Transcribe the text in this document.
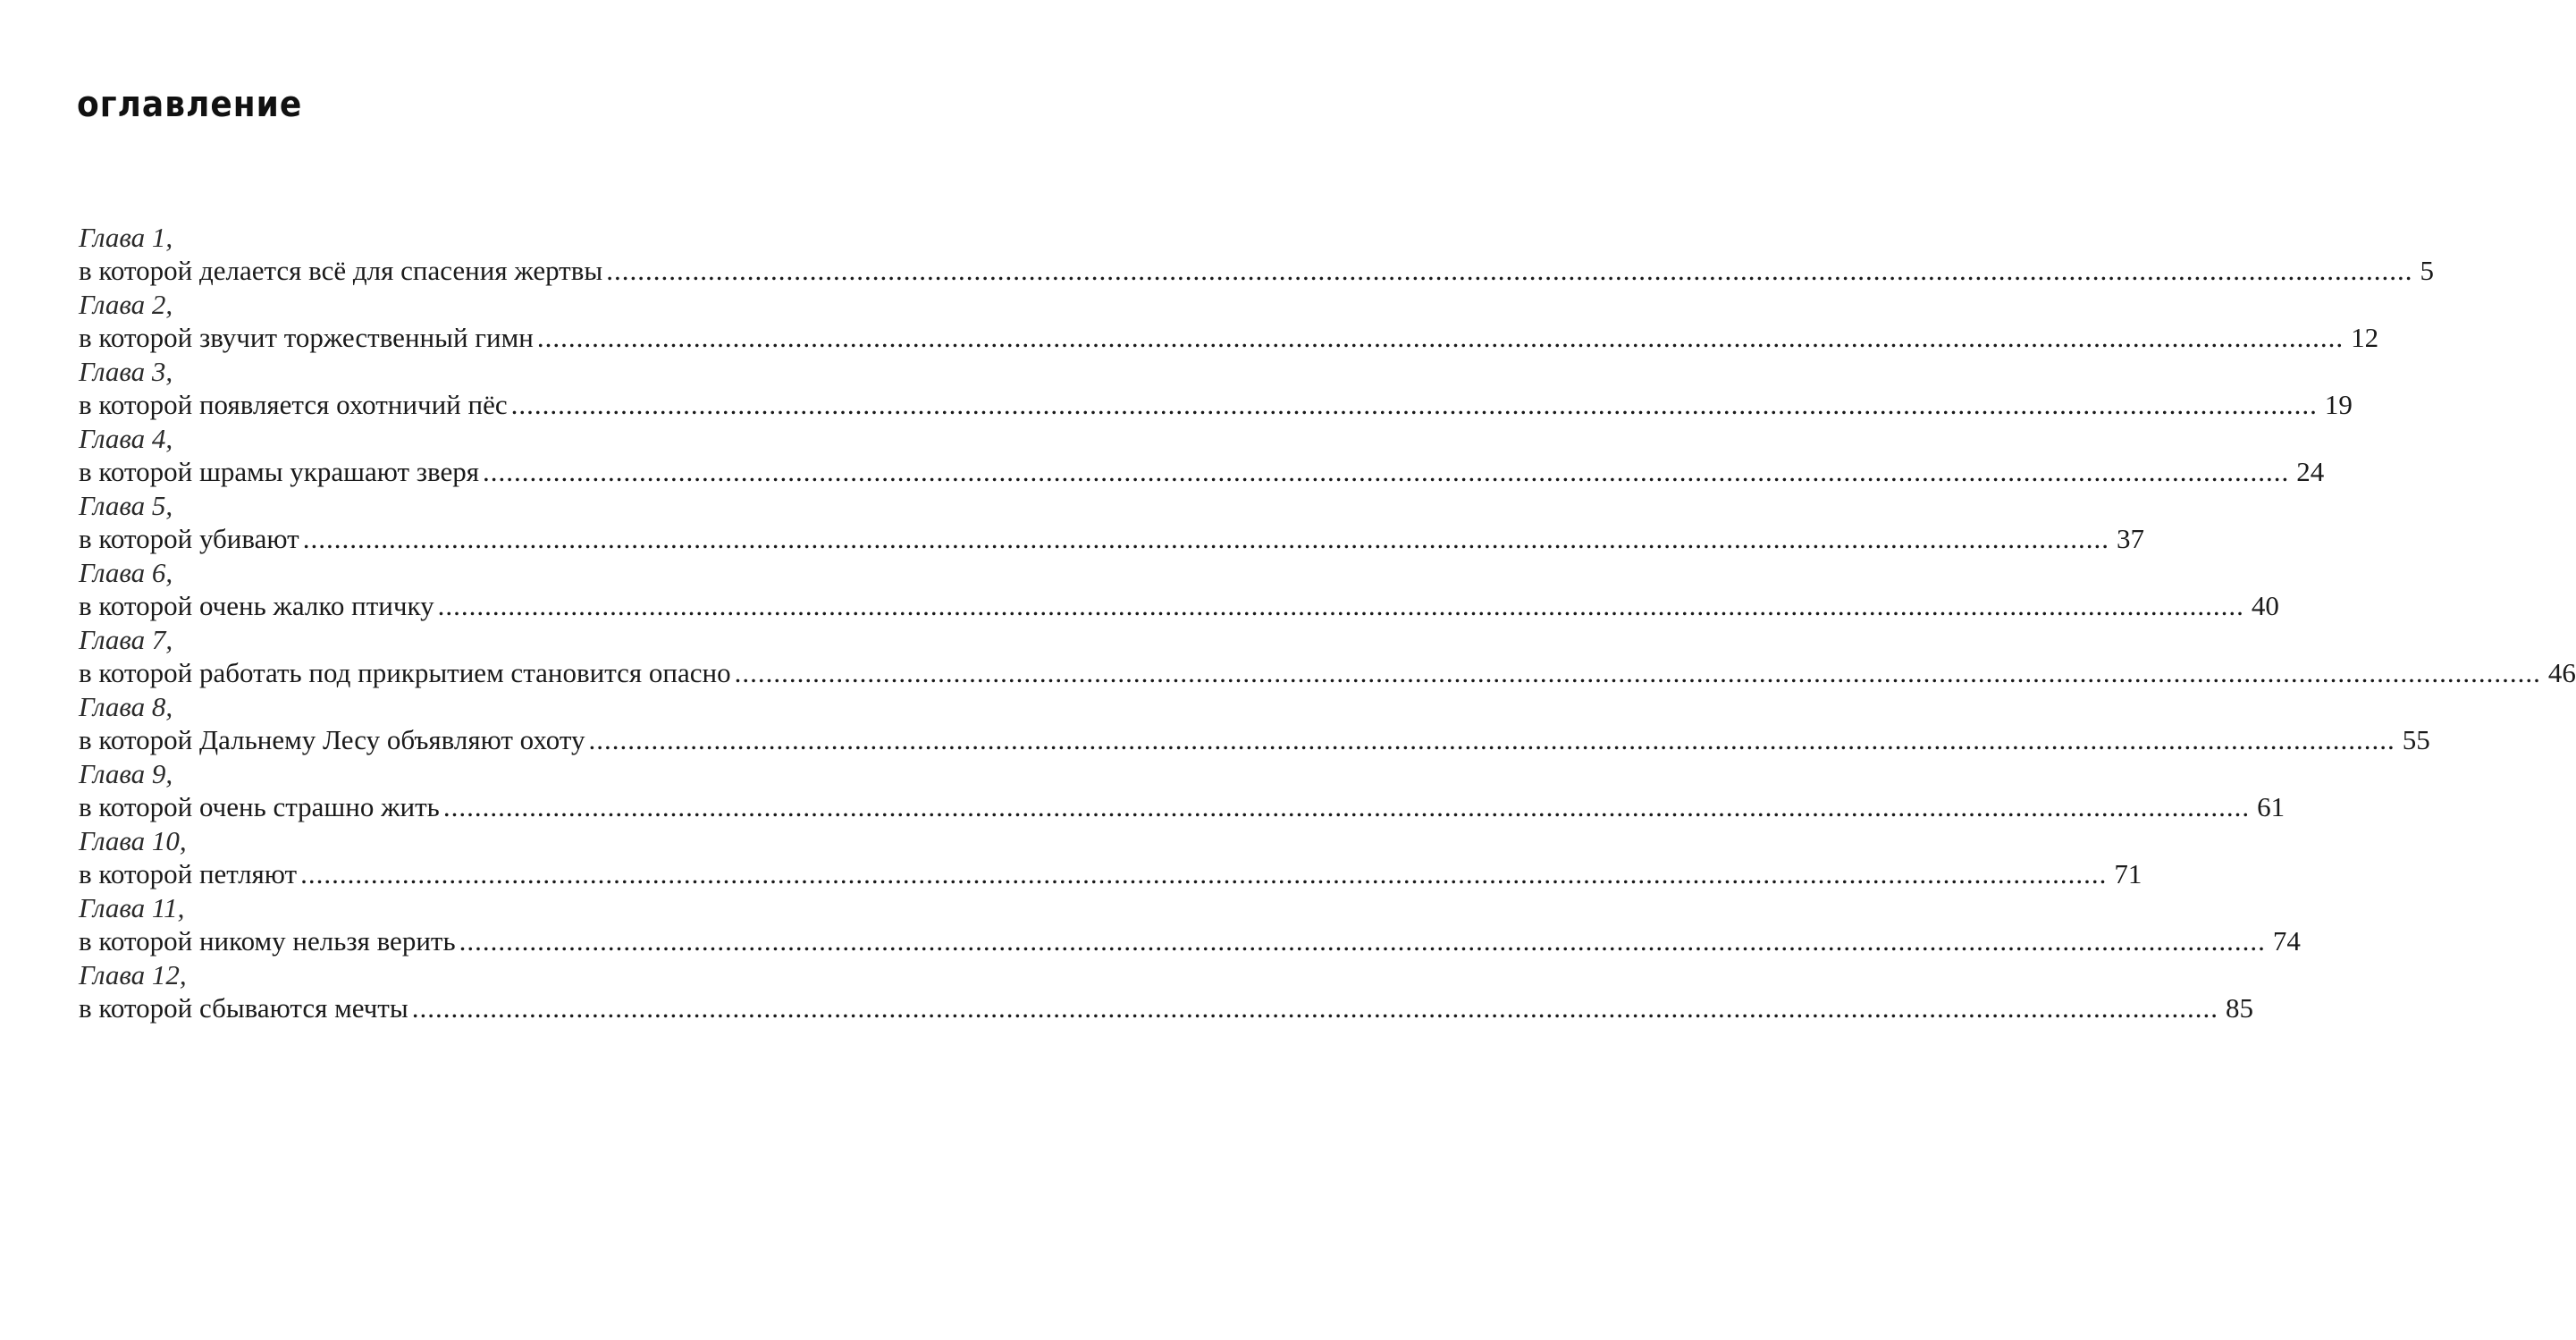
оглавление
Глава 1,
в которой делается всё для спасения жертвы .....	5
Глава 2,
в которой звучит торжественный гимн .....	12
Глава 3,
в которой появляется охотничий пёс .....	19
Глава 4,
в которой шрамы украшают зверя .....	24
Глава 5,
в которой убивают .....	37
Глава 6,
в которой очень жалко птичку .....	40
Глава 7,
в которой работать под прикрытием становится опасно .....	46
Глава 8,
в которой Дальнему Лесу объявляют охоту .....	55
Глава 9,
в которой очень страшно жить .....	61
Глава 10,
в которой петляют .....	71
Глава 11,
в которой никому нельзя верить .....	74
Глава 12,
в которой сбываются мечты .....	85
